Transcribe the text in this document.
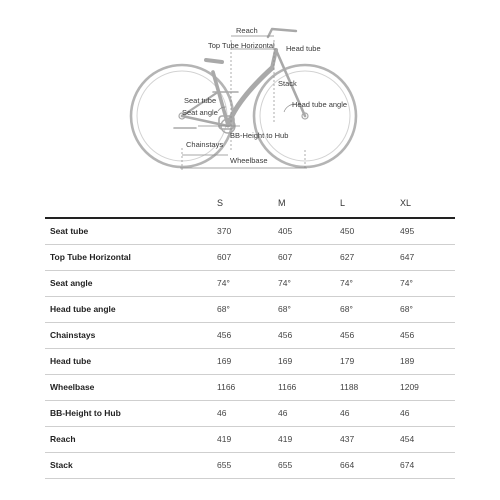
Reach
Top Tube Horizontal Head tube
Stack
Seat tube
Seat angle
Head tube angle
BB-Height to Hub
Chainstays
Wheelbase
S	M	L	XL
Seat tube	370	405	450	495
Top Tube Horizontal	607	607	627	647
Seat angle	74°	74°	74°	74°
Head tube angle	68°	68°	68°	68°
Chainstays	456	456	456	456
Head tube	169	169	179	189
Wheelbase	1166	1166	1188	1209
BB-Height to Hub	46	46	46	46
Reach	419	419	437	454
Stack	655	655	664	674
